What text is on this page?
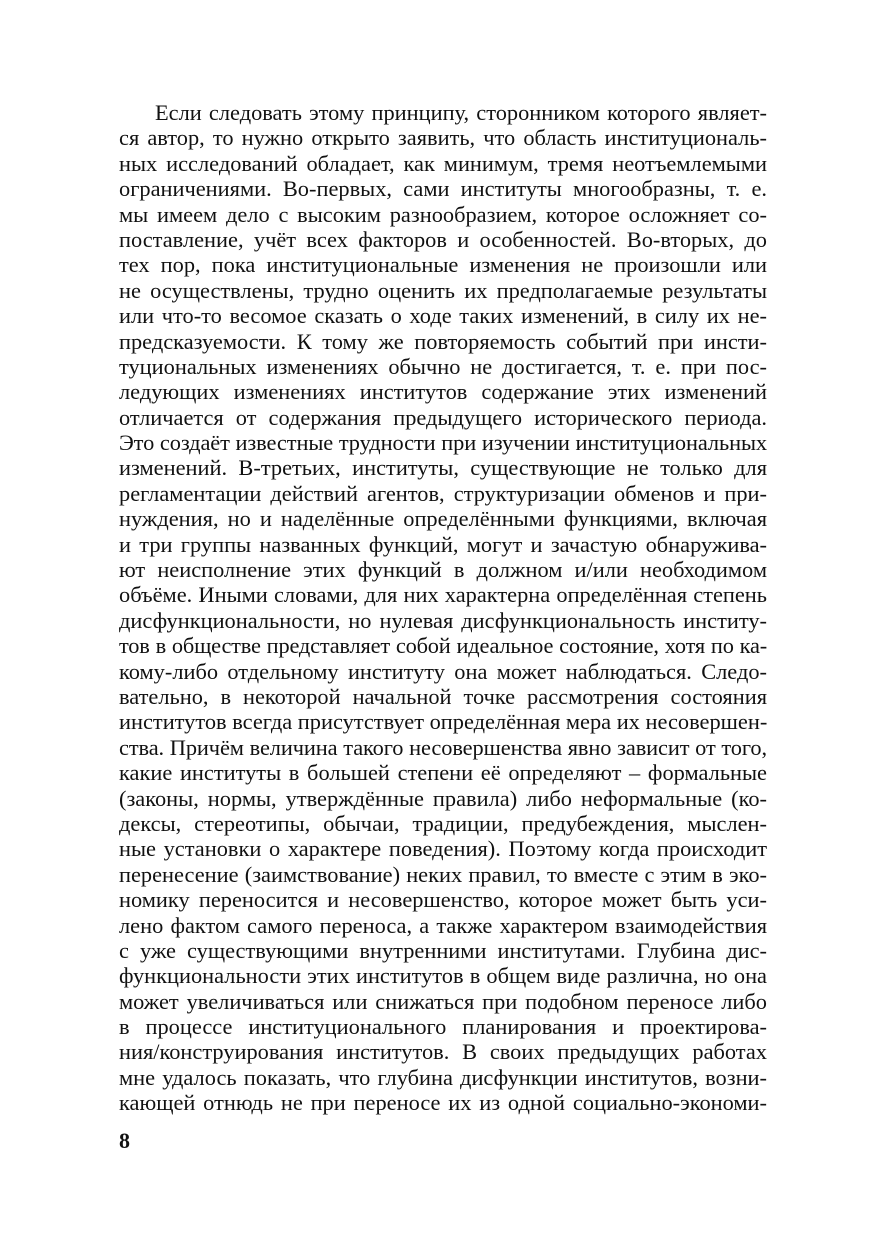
Если следовать этому принципу, сторонником которого являет-
ся автор, то нужно открыто заявить, что область институциональ-
ных исследований обладает, как минимум, тремя неотъемлемыми
ограничениями. Во-первых, сами институты многообразны, т. е.
мы имеем дело с высоким разнообразием, которое осложняет со-
поставление, учёт всех факторов и особенностей. Во-вторых, до
тех пор, пока институциональные изменения не произошли или
не осуществлены, трудно оценить их предполагаемые результаты
или что-то весомое сказать о ходе таких изменений, в силу их не-
предсказуемости. К тому же повторяемость событий при инсти-
туциональных изменениях обычно не достигается, т. е. при пос-
ледующих изменениях институтов содержание этих изменений
отличается от содержания предыдущего исторического периода.
Это создаёт известные трудности при изучении институциональных
изменений. В-третьих, институты, существующие не только для
регламентации действий агентов, структуризации обменов и при-
нуждения, но и наделённые определёнными функциями, включая
и три группы названных функций, могут и зачастую обнаружива-
ют неисполнение этих функций в должном и/или необходимом
объёме. Иными словами, для них характерна определённая степень
дисфункциональности, но нулевая дисфункциональность институ-
тов в обществе представляет собой идеальное состояние, хотя по ка-
кому-либо отдельному институту она может наблюдаться. Следо-
вательно, в некоторой начальной точке рассмотрения состояния
институтов всегда присутствует определённая мера их несовершен-
ства. Причём величина такого несовершенства явно зависит от того,
какие институты в большей степени её определяют – формальные
(законы, нормы, утверждённые правила) либо неформальные (ко-
дексы, стереотипы, обычаи, традиции, предубеждения, мыслен-
ные установки о характере поведения). Поэтому когда происходит
перенесение (заимствование) неких правил, то вместе с этим в эко-
номику переносится и несовершенство, которое может быть уси-
лено фактом самого переноса, а также характером взаимодействия
с уже существующими внутренними институтами. Глубина дис-
функциональности этих институтов в общем виде различна, но она
может увеличиваться или снижаться при подобном переносе либо
в процессе институционального планирования и проектирова-
ния/конструирования институтов. В своих предыдущих работах
мне удалось показать, что глубина дисфункции институтов, возни-
кающей отнюдь не при переносе их из одной социально-экономи-
8
